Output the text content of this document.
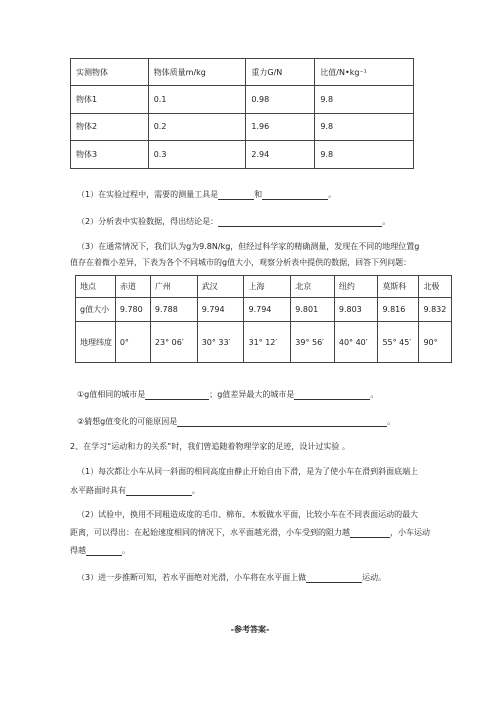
实测物体	物体质量m/kg	重力G/N	比值/N•kg⁻¹
物体1	0.1	0.98	9.8
物体2	0.2	1.96	9.8
物体3	0.3	2.94	9.8
（1）在实验过程中，需要的测量工具是	和	。
（2）分析表中实验数据，得出结论是：	。
（3）在通常情况下，我们认为g为9.8N/kg，但经过科学家的精确测量，发现在不同的地理位置g
值存在着微小差异，下表为各个不同城市的g值大小，观察分析表中提供的数据，回答下列问题：
地点	赤道	广州	武汉	上海	北京	纽约	莫斯科	北极
g值大小	9.780	9.788	9.794	9.794	9.801	9.803	9.816	9.832
地理纬度	0°	23° 06′	30° 33′	31° 12′	39° 56′	40° 40′	55° 45′	90°
①g值相同的城市是	；g值差异最大的城市是	。
②猜想g值变化的可能原因是	。
2、在学习“运动和力的关系”时，我们曾追随着物理学家的足迹，设计过实验 。
（1）每次都让小车从同一斜面的相同高度由静止开始自由下滑，是为了使小车在滑到斜面底端上
水平路面时具有	。
（2）试验中，换用不同粗造成度的毛巾、棉布、木板做水平面，比较小车在不同表面运动的最大
距离，可以得出：在起始速度相同的情况下，水平面越光滑，小车受到的阻力越	，小车运动
得越	。
（3）进一步推断可知，若水平面绝对光滑，小车将在水平面上做	运动。
-参考答案-
